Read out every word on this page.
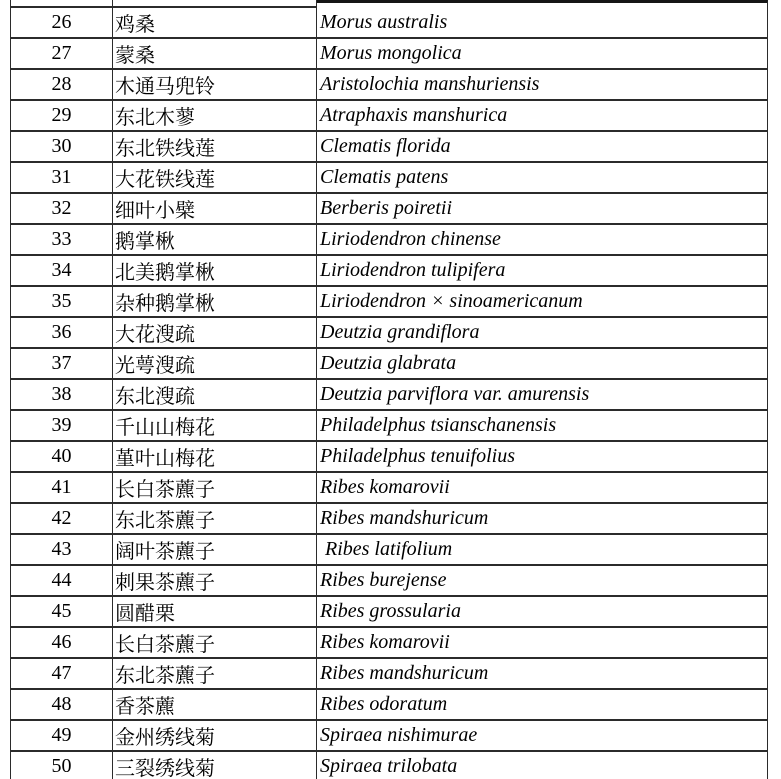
26	鸡桑	Morus australis
27	蒙桑	Morus mongolica
28	木通马兜铃	Aristolochia manshuriensis
29	东北木蓼	Atraphaxis manshurica
30	东北铁线莲	Clematis florida
31	大花铁线莲	Clematis patens
32	细叶小檗	Berberis poiretii
33	鹅掌楸	Liriodendron chinense
34	北美鹅掌楸	Liriodendron tulipifera
35	杂种鹅掌楸	Liriodendron × sinoamericanum
36	大花溲疏	Deutzia grandiflora
37	光萼溲疏	Deutzia glabrata
38	东北溲疏	Deutzia parviflora var. amurensis
39	千山山梅花	Philadelphus tsianschanensis
40	堇叶山梅花	Philadelphus tenuifolius
41	长白茶藨子	Ribes komarovii
42	东北茶藨子	Ribes mandshuricum
43	阔叶茶藨子	Ribes latifolium
44	刺果茶藨子	Ribes burejense
45	圆醋栗	Ribes grossularia
46	长白茶藨子	Ribes komarovii
47	东北茶藨子	Ribes mandshuricum
48	香茶藨	Ribes odoratum
49	金州绣线菊	Spiraea nishimurae
50	三裂绣线菊	Spiraea trilobata
